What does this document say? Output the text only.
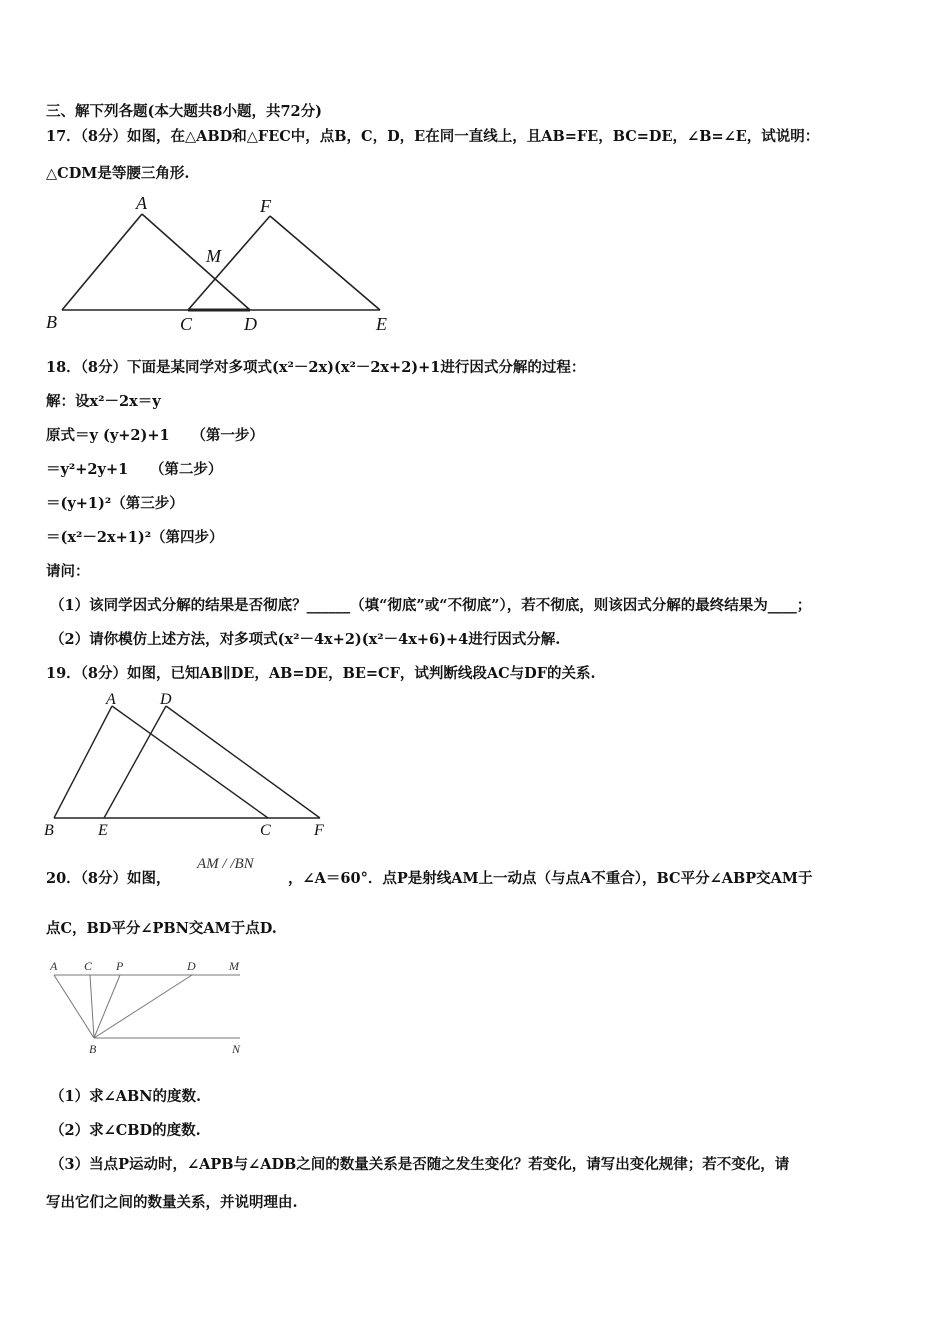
三、解下列各题(本大题共8小题，共72分)
17．（8分）如图，在△ABD和△FEC中，点B，C，D，E在同一直线上，且AB=FE，BC=DE，∠B=∠E，试说明：
△CDM是等腰三角形.
A	F
M
B	C	D	E
18．（8分）下面是某同学对多项式(x²－2x)(x²－2x+2)+1进行因式分解的过程：
解：设x²－2x＝y
原式＝y (y+2)+1　　（第一步）
＝y²+2y+1　　（第二步）
＝(y+1)²（第三步）
＝(x²－2x+1)²（第四步）
请问：
（1）该同学因式分解的结果是否彻底？______（填“彻底”或“不彻底”），若不彻底，则该因式分解的最终结果为____；
（2）请你模仿上述方法，对多项式(x²－4x+2)(x²－4x+6)+4进行因式分解.
19．（8分）如图，已知AB∥DE，AB=DE，BE=CF，试判断线段AC与DF的关系.
A	D
B	E	C	F
20．（8分）如图，
AM / /BN
，∠A＝60°．点P是射线AM上一动点（与点A不重合），BC平分∠ABP交AM于
点C，BD平分∠PBN交AM于点D.
A C P	D	M
B	N
（1）求∠ABN的度数.
（2）求∠CBD的度数.
（3）当点P运动时，∠APB与∠ADB之间的数量关系是否随之发生变化？若变化，请写出变化规律；若不变化，请
写出它们之间的数量关系，并说明理由.
